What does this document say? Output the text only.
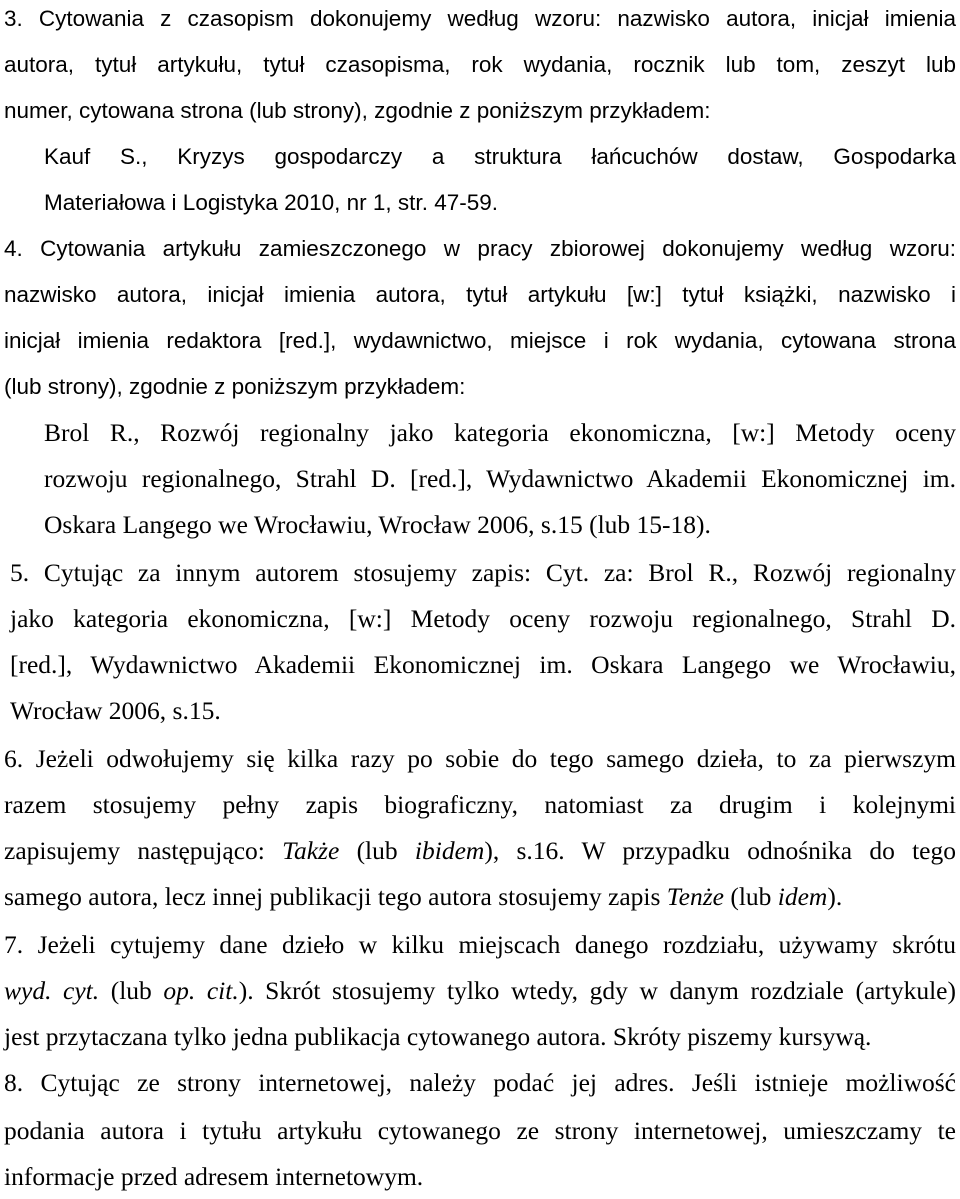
3. Cytowania z czasopism dokonujemy według wzoru: nazwisko autora, inicjał imienia
autora, tytuł artykułu, tytuł czasopisma, rok wydania, rocznik lub tom, zeszyt lub
numer, cytowana strona (lub strony), zgodnie z poniższym przykładem:
Kauf S., Kryzys gospodarczy a struktura łańcuchów dostaw, Gospodarka
Materiałowa i Logistyka 2010, nr 1, str. 47-59.
4. Cytowania artykułu zamieszczonego w pracy zbiorowej dokonujemy według wzoru:
nazwisko autora, inicjał imienia autora, tytuł artykułu [w:] tytuł książki, nazwisko i
inicjał imienia redaktora [red.], wydawnictwo, miejsce i rok wydania, cytowana strona
(lub strony), zgodnie z poniższym przykładem:
Brol R., Rozwój regionalny jako kategoria ekonomiczna, [w:] Metody oceny
rozwoju regionalnego, Strahl D. [red.], Wydawnictwo Akademii Ekonomicznej im.
Oskara Langego we Wrocławiu, Wrocław 2006, s.15 (lub 15-18).
5. Cytując za innym autorem stosujemy zapis: Cyt. za: Brol R., Rozwój regionalny
jako kategoria ekonomiczna, [w:] Metody oceny rozwoju regionalnego, Strahl D.
[red.], Wydawnictwo Akademii Ekonomicznej im. Oskara Langego we Wrocławiu,
Wrocław 2006, s.15.
6. Jeżeli odwołujemy się kilka razy po sobie do tego samego dzieła, to za pierwszym
razem stosujemy pełny zapis biograficzny, natomiast za drugim i kolejnymi
zapisujemy następująco: Także (lub ibidem), s.16. W przypadku odnośnika do tego
samego autora, lecz innej publikacji tego autora stosujemy zapis Tenże (lub idem).
7. Jeżeli cytujemy dane dzieło w kilku miejscach danego rozdziału, używamy skrótu
wyd. cyt. (lub op. cit.). Skrót stosujemy tylko wtedy, gdy w danym rozdziale (artykule)
jest przytaczana tylko jedna publikacja cytowanego autora. Skróty piszemy kursywą.
8. Cytując ze strony internetowej, należy podać jej adres. Jeśli istnieje możliwość
podania autora i tytułu artykułu cytowanego ze strony internetowej, umieszczamy te
informacje przed adresem internetowym.
